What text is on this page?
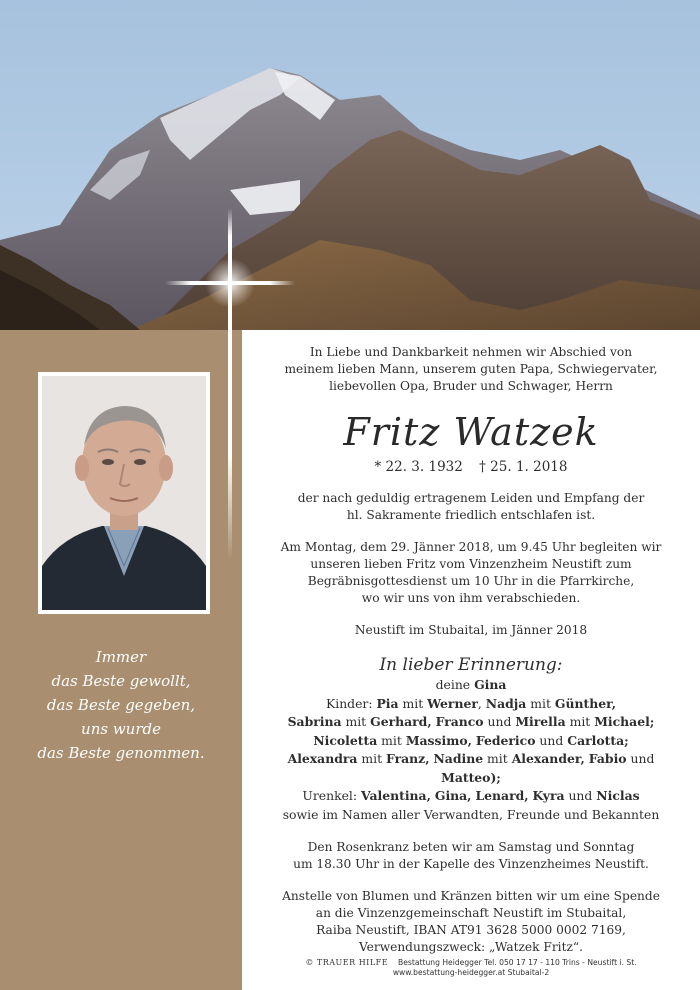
Immer
das Beste gewollt,
das Beste gegeben,
uns wurde
das Beste genommen.

In Liebe und Dankbarkeit nehmen wir Abschied von

meinem lieben Mann, unserem guten Papa, Schwiegervater,

liebevollen Opa, Bruder und Schwager, Herrn

Fritz Watzek
* 22. 3. 1932 † 25. 1. 2018

der nach geduldig ertragenem Leiden und Empfang der

hl. Sakramente friedlich entschlafen ist.

Am Montag, dem 29. Jänner 2018, um 9.45 Uhr begleiten wir

unseren lieben Fritz vom Vinzenzheim Neustift zum

Begräbnisgottesdienst um 10 Uhr in die Pfarrkirche,

wo wir uns von ihm verabschieden.

Neustift im Stubaital, im Jänner 2018
In lieber Erinnerung:

deine Gina

Kinder: Pia mit Werner, Nadja mit Günther,

Sabrina mit Gerhard, Franco und Mirella mit Michael;

Nicoletta mit Massimo, Federico und Carlotta;

Alexandra mit Franz, Nadine mit Alexander, Fabio und Matteo);

Urenkel: Valentina, Gina, Lenard, Kyra und Niclas

sowie im Namen aller Verwandten, Freunde und Bekannten

Den Rosenkranz beten wir am Samstag und Sonntag

um 18.30 Uhr in der Kapelle des Vinzenzheimes Neustift.

Anstelle von Blumen und Kränzen bitten wir um eine Spende

an die Vinzenzgemeinschaft Neustift im Stubaital,

Raiba Neustift, IBAN AT91 3628 5000 0002 7169,

Verwendungszweck: „Watzek Fritz“.

© TRAUER HILFE Bestattung Heidegger Tel. 050 17 17 - 110 Trins - Neustift i. St.

www.bestattung-heidegger.at Stubaital-2
